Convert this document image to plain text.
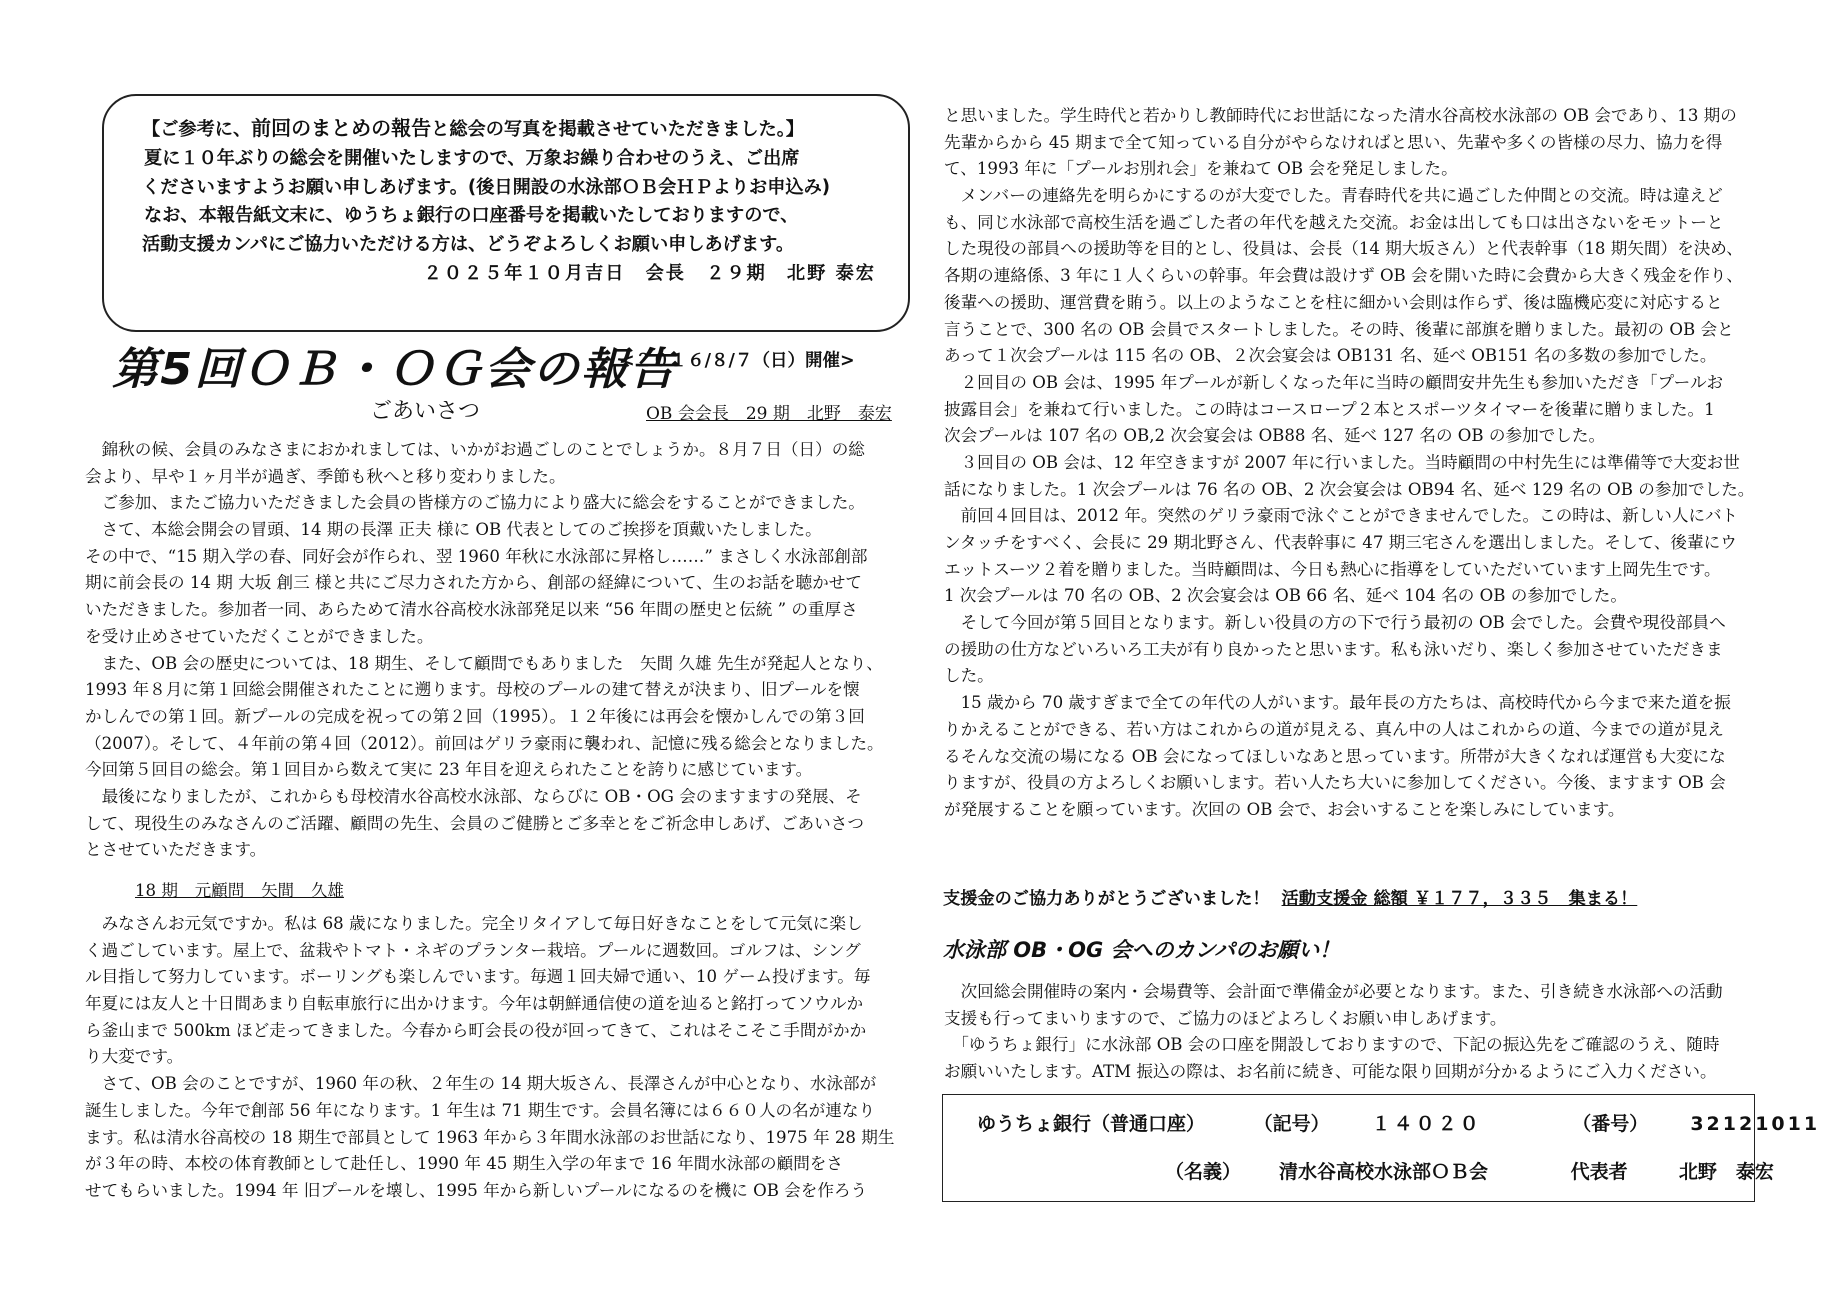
【ご参考に、前回のまとめの報告と総会の写真を掲載させていただきました。】
夏に１０年ぶりの総会を開催いたしますので、万象お繰り合わせのうえ、ご出席
くださいますようお願い申しあげます。(後日開設の水泳部ＯＢ会ＨＰよりお申込み)
なお、本報告紙文末に、ゆうちょ銀行の口座番号を掲載いたしておりますので、
活動支援カンパにご協力いただける方は、どうぞよろしくお願い申しあげます。
２０２５年１０月吉日　会長　２９期　北野 泰宏
第5回ＯＢ・ＯＧ会の報告
<２０１６/８/７（日）開催>
ごあいさつ	OB 会会長　29 期　北野　泰宏
　錦秋の候、会員のみなさまにおかれましては、いかがお過ごしのことでしょうか。８月７日（日）の総
会より、早や１ヶ月半が過ぎ、季節も秋へと移り変わりました。
　ご参加、またご協力いただきました会員の皆様方のご協力により盛大に総会をすることができました。
　さて、本総会開会の冒頭、14 期の長澤 正夫 様に OB 代表としてのご挨拶を頂戴いたしました。
その中で、“15 期入学の春、同好会が作られ、翌 1960 年秋に水泳部に昇格し……” まさしく水泳部創部
期に前会長の 14 期 大坂 創三 様と共にご尽力された方から、創部の経緯について、生のお話を聴かせて
いただきました。参加者一同、あらためて清水谷高校水泳部発足以来 “56 年間の歴史と伝統 ” の重厚さ
を受け止めさせていただくことができました。
　また、OB 会の歴史については、18 期生、そして顧問でもありました　矢間 久雄 先生が発起人となり、
1993 年８月に第１回総会開催されたことに遡ります。母校のプールの建て替えが決まり、旧プールを懐
かしんでの第１回。新プールの完成を祝っての第２回（1995）。１２年後には再会を懐かしんでの第３回
（2007）。そして、４年前の第４回（2012）。前回はゲリラ豪雨に襲われ、記憶に残る総会となりました。
今回第５回目の総会。第１回目から数えて実に 23 年目を迎えられたことを誇りに感じています。
　最後になりましたが、これからも母校清水谷高校水泳部、ならびに OB・OG 会のますますの発展、そ
して、現役生のみなさんのご活躍、顧問の先生、会員のご健勝とご多幸とをご祈念申しあげ、ごあいさつ
とさせていただきます。
18 期　元顧問　矢間　久雄
　みなさんお元気ですか。私は 68 歳になりました。完全リタイアして毎日好きなことをして元気に楽し
く過ごしています。屋上で、盆栽やトマト・ネギのプランター栽培。プールに週数回。ゴルフは、シング
ル目指して努力しています。ボーリングも楽しんでいます。毎週１回夫婦で通い、10 ゲーム投げます。毎
年夏には友人と十日間あまり自転車旅行に出かけます。今年は朝鮮通信使の道を辿ると銘打ってソウルか
ら釜山まで 500km ほど走ってきました。今春から町会長の役が回ってきて、これはそこそこ手間がかか
り大変です。
　さて、OB 会のことですが、1960 年の秋、２年生の 14 期大坂さん、長澤さんが中心となり、水泳部が
誕生しました。今年で創部 56 年になります。1 年生は 71 期生です。会員名簿には６６０人の名が連なり
ます。私は清水谷高校の 18 期生で部員として 1963 年から３年間水泳部のお世話になり、1975 年 28 期生
が３年の時、本校の体育教師として赴任し、1990 年 45 期生入学の年まで 16 年間水泳部の顧問をさ
せてもらいました。1994 年 旧プールを壊し、1995 年から新しいプールになるのを機に OB 会を作ろう
と思いました。学生時代と若かりし教師時代にお世話になった清水谷高校水泳部の OB 会であり、13 期の
先輩からから 45 期まで全て知っている自分がやらなければと思い、先輩や多くの皆様の尽力、協力を得
て、1993 年に「プールお別れ会」を兼ねて OB 会を発足しました。
　メンバーの連絡先を明らかにするのが大変でした。青春時代を共に過ごした仲間との交流。時は違えど
も、同じ水泳部で高校生活を過ごした者の年代を越えた交流。お金は出しても口は出さないをモットーと
した現役の部員への援助等を目的とし、役員は、会長（14 期大坂さん）と代表幹事（18 期矢間）を決め、
各期の連絡係、3 年に１人くらいの幹事。年会費は設けず OB 会を開いた時に会費から大きく残金を作り、
後輩への援助、運営費を賄う。以上のようなことを柱に細かい会則は作らず、後は臨機応変に対応すると
言うことで、300 名の OB 会員でスタートしました。その時、後輩に部旗を贈りました。最初の OB 会と
あって１次会プールは 115 名の OB、２次会宴会は OB131 名、延べ OB151 名の多数の参加でした。
　２回目の OB 会は、1995 年プールが新しくなった年に当時の顧問安井先生も参加いただき「プールお
披露目会」を兼ねて行いました。この時はコースロープ２本とスポーツタイマーを後輩に贈りました。1
次会プールは 107 名の OB,2 次会宴会は OB88 名、延べ 127 名の OB の参加でした。
　３回目の OB 会は、12 年空きますが 2007 年に行いました。当時顧問の中村先生には準備等で大変お世
話になりました。1 次会プールは 76 名の OB、2 次会宴会は OB94 名、延べ 129 名の OB の参加でした。
　前回４回目は、2012 年。突然のゲリラ豪雨で泳ぐことができませんでした。この時は、新しい人にバト
ンタッチをすべく、会長に 29 期北野さん、代表幹事に 47 期三宅さんを選出しました。そして、後輩にウ
エットスーツ２着を贈りました。当時顧問は、今日も熱心に指導をしていただいています上岡先生です。
1 次会プールは 70 名の OB、2 次会宴会は OB 66 名、延べ 104 名の OB の参加でした。
　そして今回が第５回目となります。新しい役員の方の下で行う最初の OB 会でした。会費や現役部員へ
の援助の仕方などいろいろ工夫が有り良かったと思います。私も泳いだり、楽しく参加させていただきま
した。
　15 歳から 70 歳すぎまで全ての年代の人がいます。最年長の方たちは、高校時代から今まで来た道を振
りかえることができる、若い方はこれからの道が見える、真ん中の人はこれからの道、今までの道が見え
るそんな交流の場になる OB 会になってほしいなあと思っています。所帯が大きくなれば運営も大変にな
りますが、役員の方よろしくお願いします。若い人たち大いに参加してください。今後、ますます OB 会
が発展することを願っています。次回の OB 会で、お会いすることを楽しみにしています。
支援金のご協力ありがとうございました！ 活動支援金 総額 ￥１７７，３３５　集まる！
水泳部 OB・OG 会へのカンパのお願い！
　次回総会開催時の案内・会場費等、会計面で準備金が必要となります。また、引き続き水泳部への活動
支援も行ってまいりますので、ご協力のほどよろしくお願い申しあげます。
　「ゆうちょ銀行」に水泳部 OB 会の口座を開設しておりますので、下記の振込先をご確認のうえ、随時
お願いいたします。ATM 振込の際は、お名前に続き、可能な限り回期が分かるようにご入力ください。
ゆうちょ銀行（普通口座）	（記号） １４０２０	（番号） 32121011
（名義） 清水谷高校水泳部ＯＢ会	代表者	北野　泰宏
